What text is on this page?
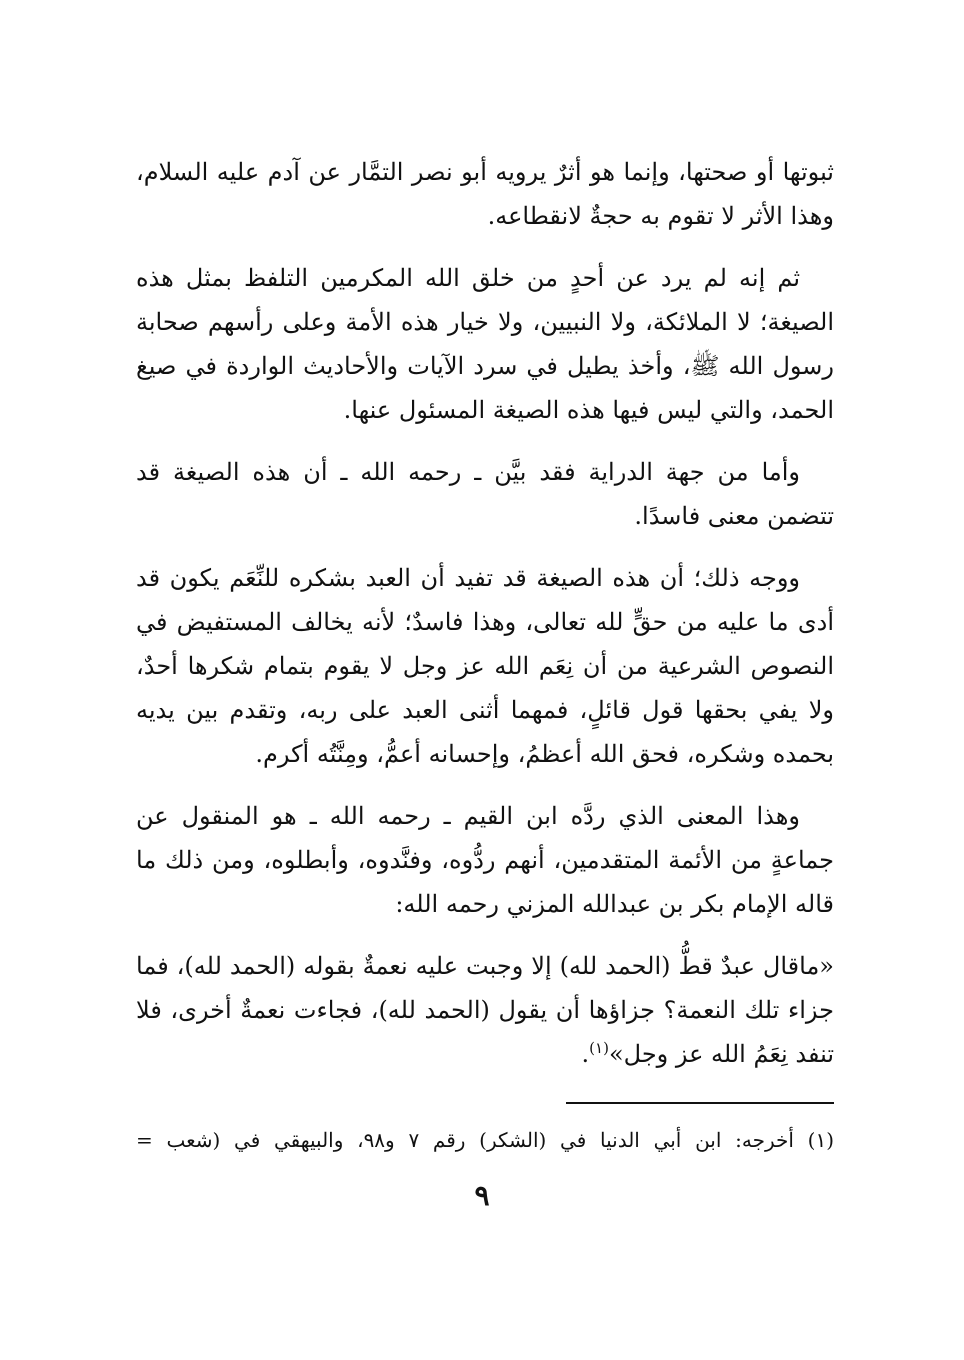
ثبوتها أو صحتها، وإنما هو أثرٌ يرويه أبو نصر التمَّار عن آدم عليه السلام، وهذا الأثر لا تقوم به حجةٌ لانقطاعه.

ثم إنه لم يرد عن أحدٍ من خلق الله المكرمين التلفظ بمثل هذه الصيغة؛ لا الملائكة، ولا النبيين، ولا خيار هذه الأمة وعلى رأسهم صحابة رسول الله ﷺ، وأخذ يطيل في سرد الآيات والأحاديث الواردة في صيغ الحمد، والتي ليس فيها هذه الصيغة المسئول عنها.

وأما من جهة الدراية فقد بيَّن ـ رحمه الله ـ أن هذه الصيغة قد تتضمن معنى فاسدًا.

ووجه ذلك؛ أن هذه الصيغة قد تفيد أن العبد بشكره للنِّعَم يكون قد أدى ما عليه من حقٍّ لله تعالى، وهذا فاسدٌ؛ لأنه يخالف المستفيض في النصوص الشرعية من أن نِعَم الله عز وجل لا يقوم بتمام شكرها أحدٌ، ولا يفي بحقها قول قائلٍ، فمهما أثنى العبد على ربه، وتقدم بين يديه بحمده وشكره، فحق الله أعظمُ، وإحسانه أعمُّ، ومِنَّتُه أكرم.

وهذا المعنى الذي ردَّه ابن القيم ـ رحمه الله ـ هو المنقول عن جماعةٍ من الأئمة المتقدمين، أنهم ردُّوه، وفنَّدوه، وأبطلوه، ومن ذلك ما قاله الإمام بكر بن عبدالله المزني رحمه الله:

«ماقال عبدٌ قطُّ (الحمد لله) إلا وجبت عليه نعمةٌ بقوله (الحمد لله)، فما جزاء تلك النعمة؟ جزاؤها أن يقول (الحمد لله)، فجاءت نعمةٌ أخرى، فلا تنفد نِعَمُ الله عز وجل»$^{(١)}$.

(١) أخرجه: ابن أبي الدنيا في (الشكر) رقم ٧ و٩٨، والبيهقي في (شعب =
٩
